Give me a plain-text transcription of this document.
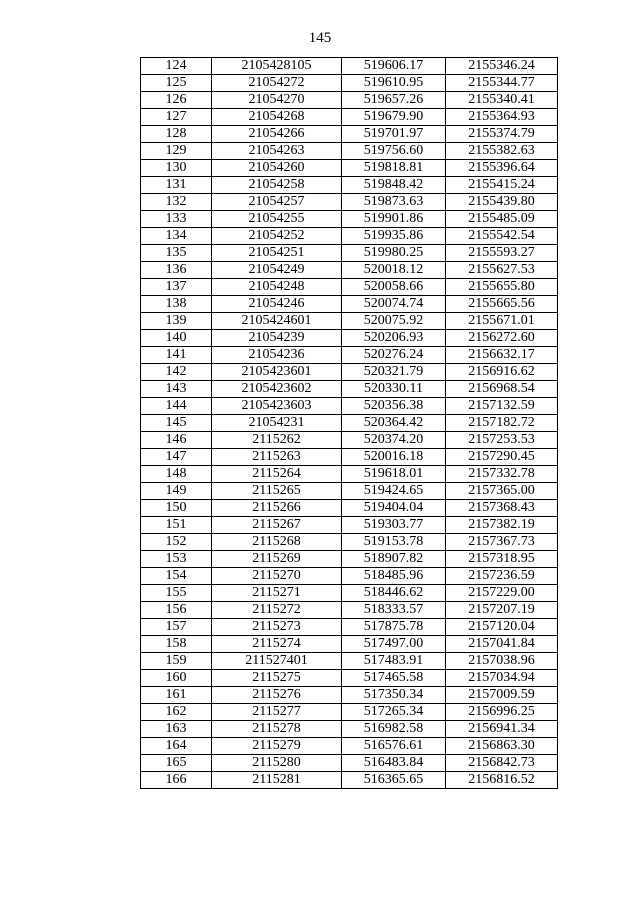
145
124	2105428105	519606.17	2155346.24
125	21054272	519610.95	2155344.77
126	21054270	519657.26	2155340.41
127	21054268	519679.90	2155364.93
128	21054266	519701.97	2155374.79
129	21054263	519756.60	2155382.63
130	21054260	519818.81	2155396.64
131	21054258	519848.42	2155415.24
132	21054257	519873.63	2155439.80
133	21054255	519901.86	2155485.09
134	21054252	519935.86	2155542.54
135	21054251	519980.25	2155593.27
136	21054249	520018.12	2155627.53
137	21054248	520058.66	2155655.80
138	21054246	520074.74	2155665.56
139	2105424601	520075.92	2155671.01
140	21054239	520206.93	2156272.60
141	21054236	520276.24	2156632.17
142	2105423601	520321.79	2156916.62
143	2105423602	520330.11	2156968.54
144	2105423603	520356.38	2157132.59
145	21054231	520364.42	2157182.72
146	2115262	520374.20	2157253.53
147	2115263	520016.18	2157290.45
148	2115264	519618.01	2157332.78
149	2115265	519424.65	2157365.00
150	2115266	519404.04	2157368.43
151	2115267	519303.77	2157382.19
152	2115268	519153.78	2157367.73
153	2115269	518907.82	2157318.95
154	2115270	518485.96	2157236.59
155	2115271	518446.62	2157229.00
156	2115272	518333.57	2157207.19
157	2115273	517875.78	2157120.04
158	2115274	517497.00	2157041.84
159	211527401	517483.91	2157038.96
160	2115275	517465.58	2157034.94
161	2115276	517350.34	2157009.59
162	2115277	517265.34	2156996.25
163	2115278	516982.58	2156941.34
164	2115279	516576.61	2156863.30
165	2115280	516483.84	2156842.73
166	2115281	516365.65	2156816.52
